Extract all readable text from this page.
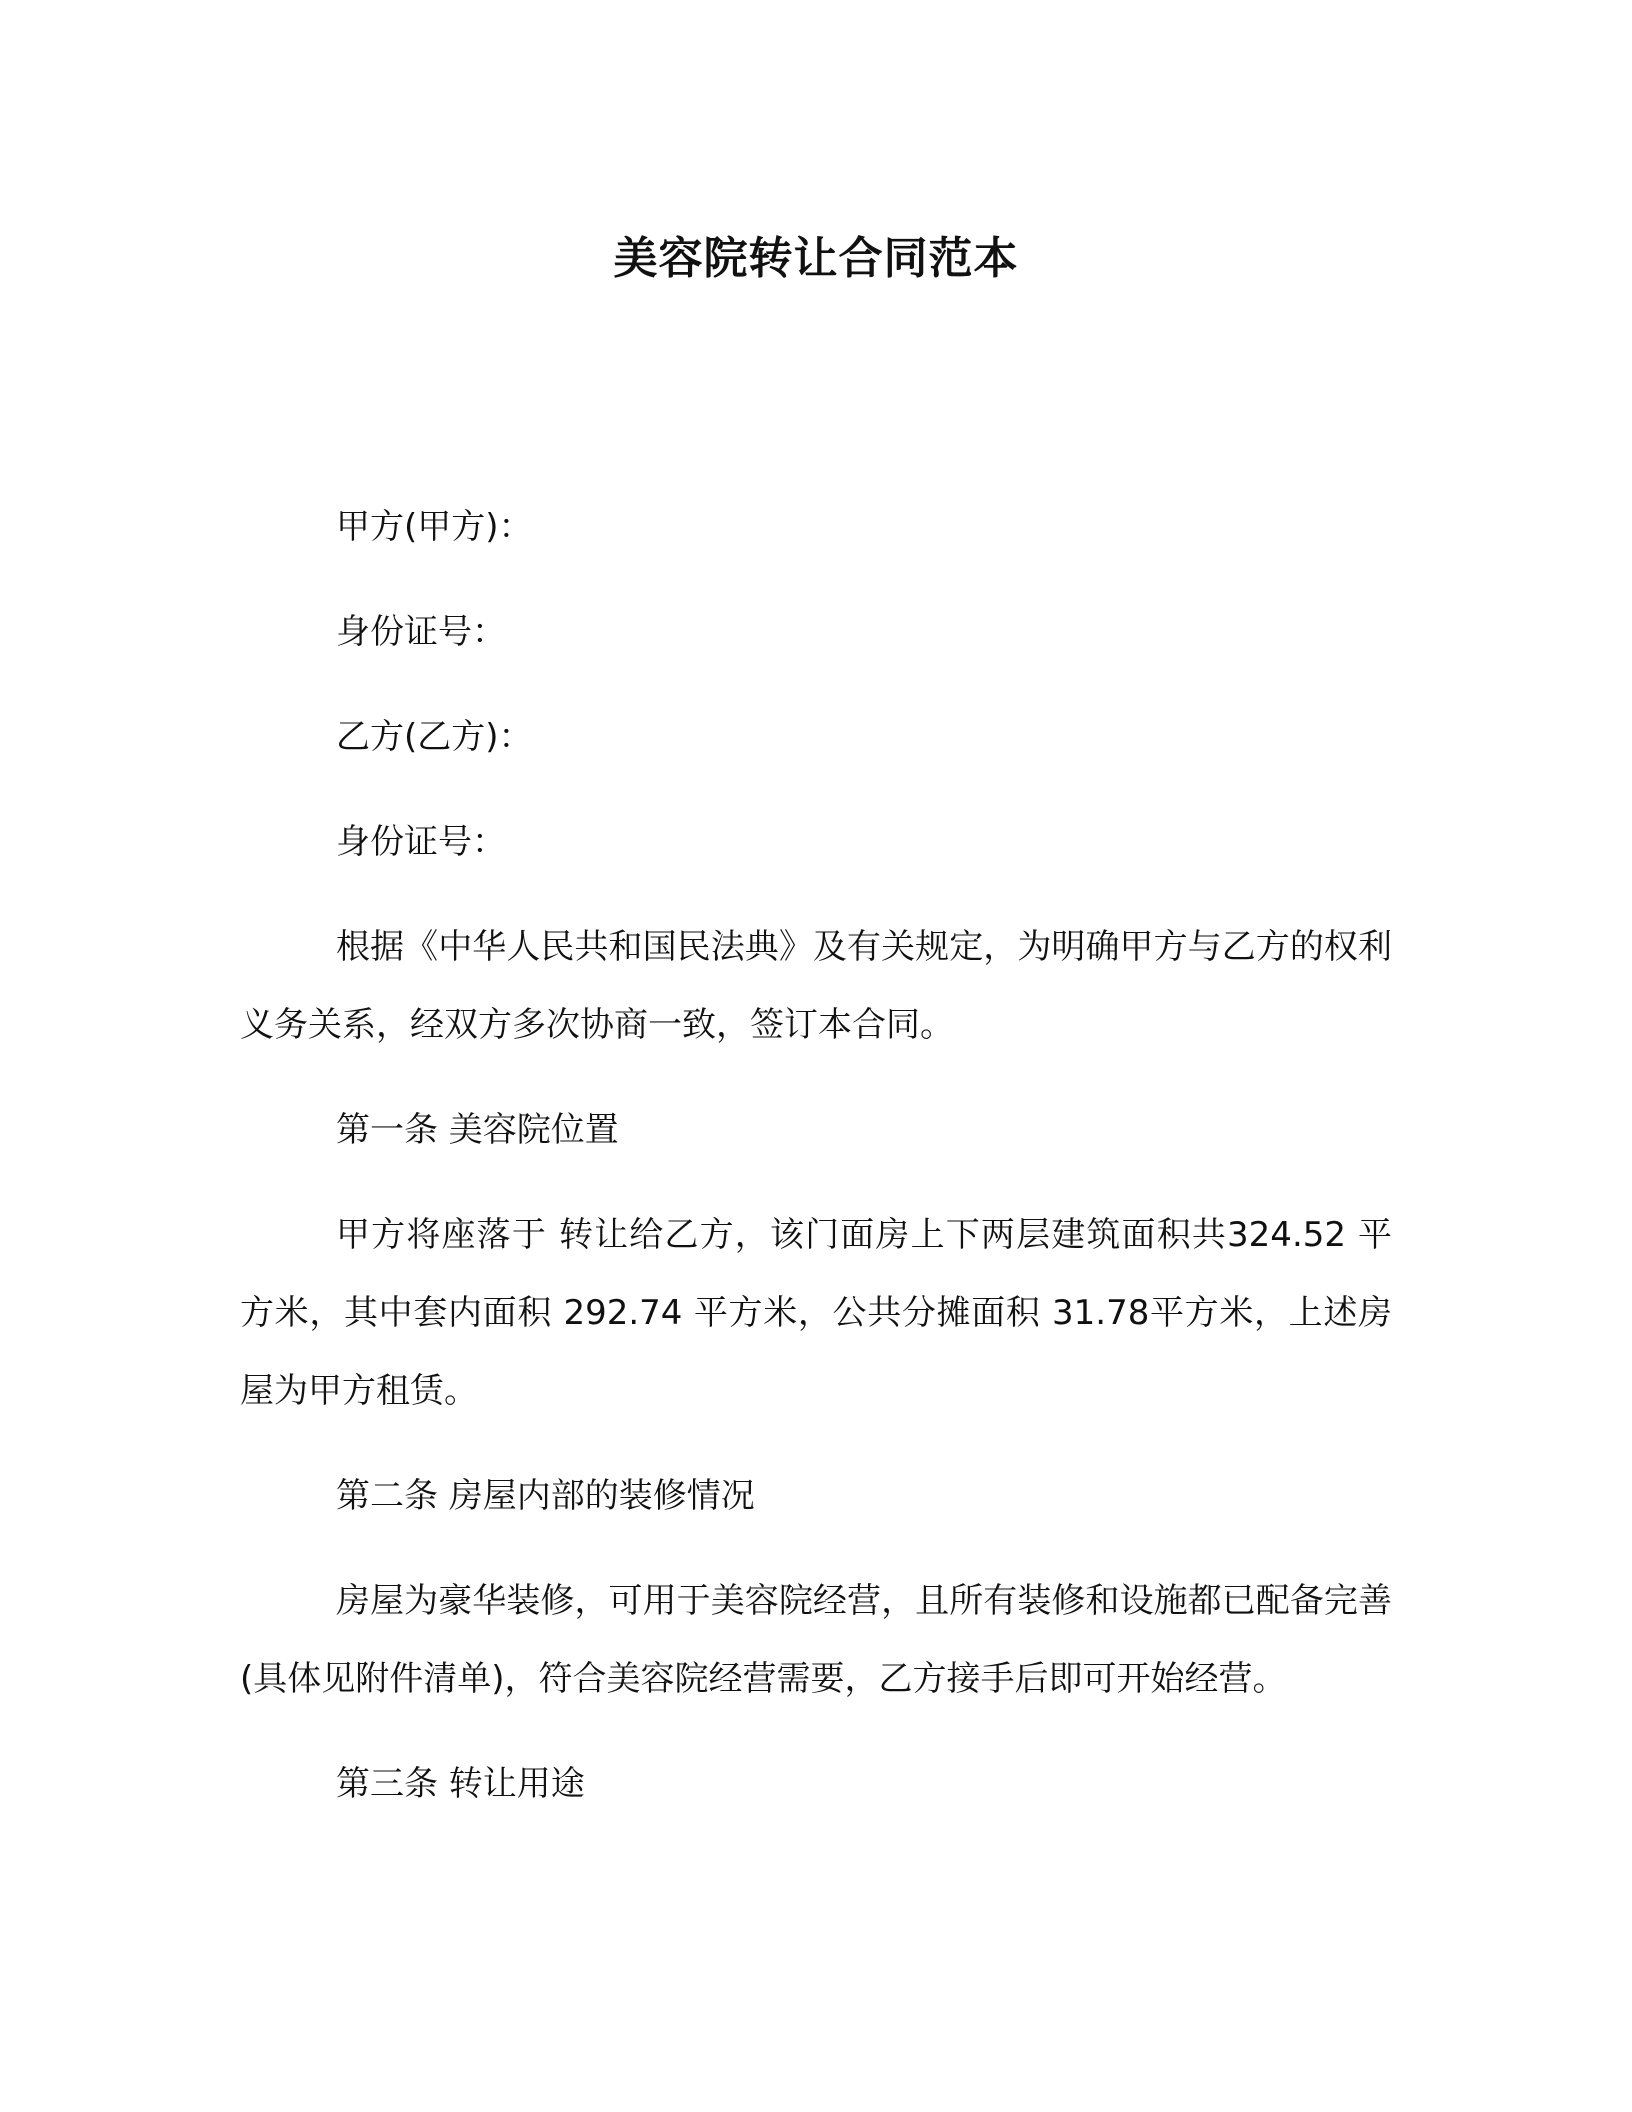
美容院转让合同范本

甲方(甲方)：

身份证号：

乙方(乙方)：

身份证号：

根据《中华人民共和国民法典》及有关规定，为明确甲方与乙方的权利义务关系，经双方多次协商一致，签订本合同。

第一条 美容院位置

甲方将座落于 转让给乙方，该门面房上下两层建筑面积共324.52 平方米，其中套内面积 292.74 平方米，公共分摊面积 31.78平方米，上述房屋为甲方租赁。

第二条 房屋内部的装修情况

房屋为豪华装修，可用于美容院经营，且所有装修和设施都已配备完善(具体见附件清单)，符合美容院经营需要，乙方接手后即可开始经营。

第三条 转让用途
